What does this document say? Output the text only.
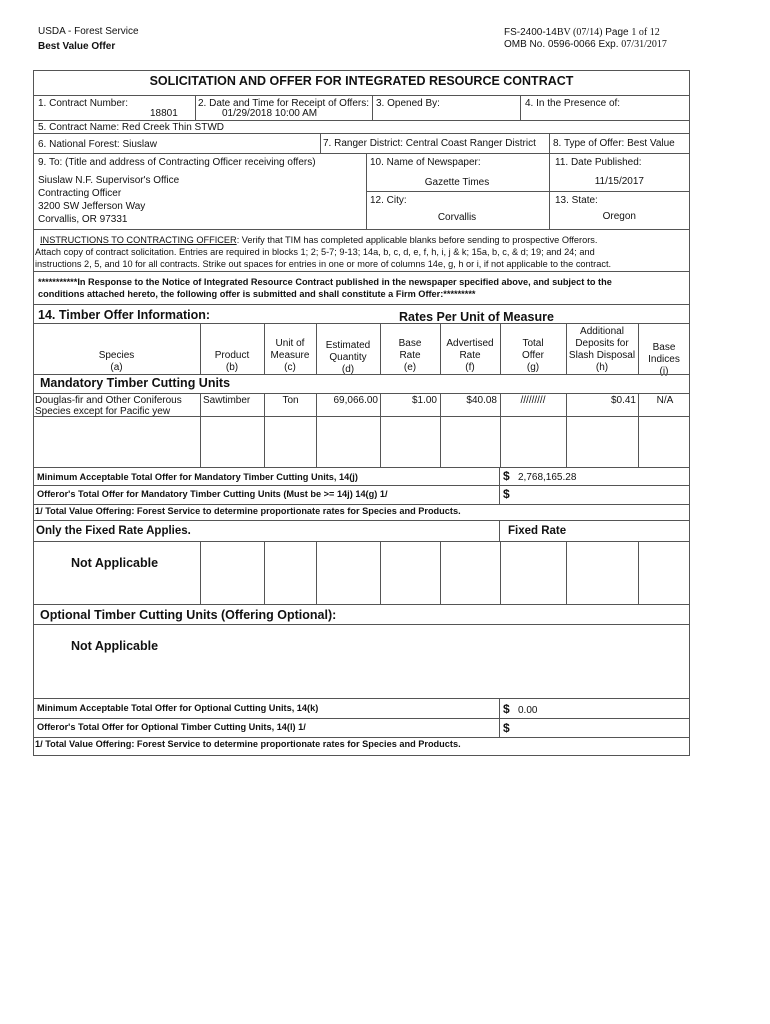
USDA - Forest Service
Best Value Offer
FS-2400-14BV (07/14) Page 1 of 12
OMB No. 0596-0066 Exp. 07/31/2017
SOLICITATION AND OFFER FOR INTEGRATED RESOURCE CONTRACT
1. Contract Number:
18801
2. Date and Time for Receipt of Offers:
01/29/2018 10:00 AM
3. Opened By:	4. In the Presence of:
5. Contract Name: Red Creek Thin STWD
6. National Forest: Siuslaw	7. Ranger District: Central Coast Ranger District 8. Type of Offer: Best Value
9. To: (Title and address of Contracting Officer receiving offers)
Siuslaw N.F. Supervisor's Office
Contracting Officer
3200 SW Jefferson Way
Corvallis, OR 97331
10. Name of Newspaper:
Gazette Times
11. Date Published:
11/15/2017
12. City:
Corvallis
13. State:
Oregon
INSTRUCTIONS TO CONTRACTING OFFICER: Verify that TIM has completed applicable blanks before sending to prospective Offerors.
Attach copy of contract solicitation. Entries are required in blocks 1; 2; 5-7; 9-13; 14a, b, c, d, e, f, h, i, j & k; 15a, b, c, & d; 19; and 24; and
instructions 2, 5, and 10 for all contracts. Strike out spaces for entries in one or more of columns 14e, g, h or i, if not applicable to the contract.
***********In Response to the Notice of Integrated Resource Contract published in the newspaper specified above, and subject to the
conditions attached hereto, the following offer is submitted and shall constitute a Firm Offer:*********
14. Timber Offer Information:	Rates Per Unit of Measure
Species
(a)
Product
(b)
Unit of
Measure
(c)
Estimated
Quantity
(d)
Base
Rate
(e)
Advertised
Rate
(f)
Total
Offer
(g)
Additional
Deposits for
Slash Disposal
(h)
Base
Indices
(i)
Mandatory Timber Cutting Units
Douglas-fir and Other Coniferous
Species except for Pacific yew
Sawtimber	Ton	69,066.00	$1.00	$40.08	/////////	$0.41	N/A
Minimum Acceptable Total Offer for Mandatory Timber Cutting Units, 14(j)	$ 2,768,165.28
Offeror's Total Offer for Mandatory Timber Cutting Units (Must be >= 14j) 14(g) 1/	$
1/ Total Value Offering: Forest Service to determine proportionate rates for Species and Products.
Only the Fixed Rate Applies.	Fixed Rate
Not Applicable
Optional Timber Cutting Units (Offering Optional):
Not Applicable
Minimum Acceptable Total Offer for Optional Cutting Units, 14(k)	$ 0.00
Offeror's Total Offer for Optional Timber Cutting Units, 14(l) 1/	$
1/ Total Value Offering: Forest Service to determine proportionate rates for Species and Products.
